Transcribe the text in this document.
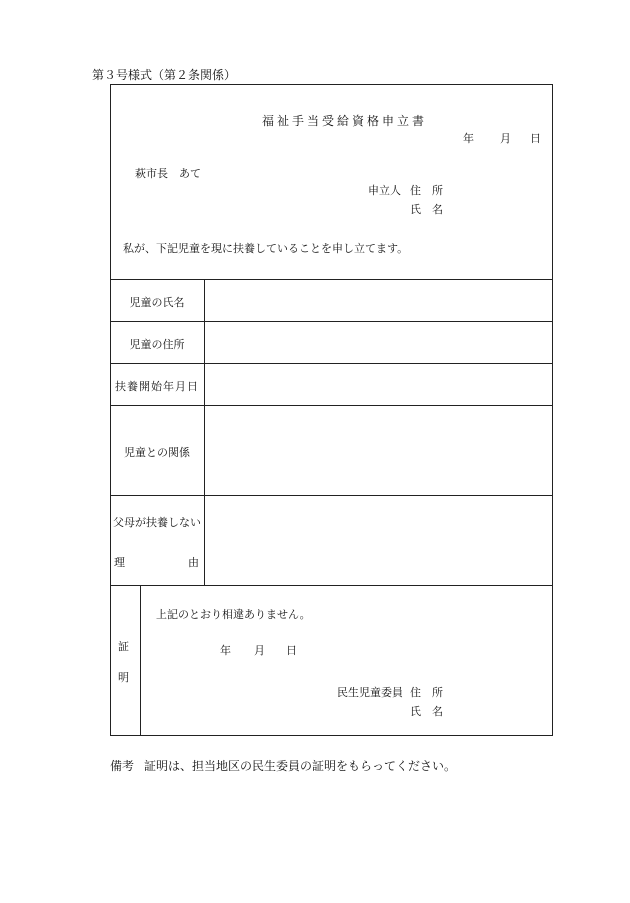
第３号様式（第２条関係）
福祉手当受給資格申立書
年 月 日
萩市長　あて
申立人 住　所
氏　名
私が、下記児童を現に扶養していることを申し立てます。
児童の氏名
児童の住所
扶養開始年月日
児童との関係
父母が扶養しない
理	由
証
明
上記のとおり相違ありません。
年 月 日
民生児童委員 住　所
氏　名
備考 証明は、担当地区の民生委員の証明をもらってください。
